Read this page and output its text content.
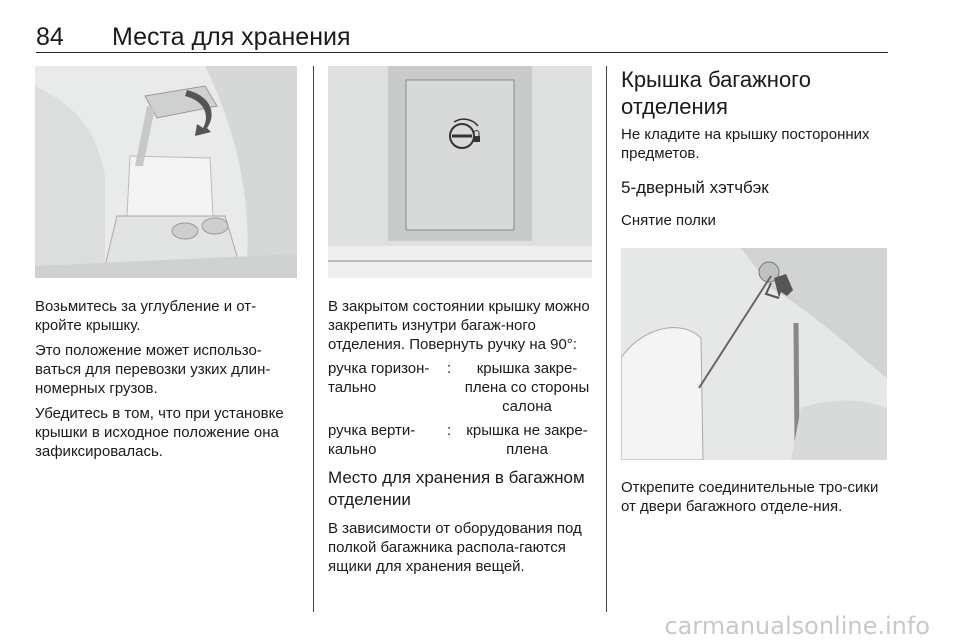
84 Места для хранения

Возьмитесь за углубление и от-кройте крышку.

Это положение может использо-ваться для перевозки узких длин-номерных грузов.

Убедитесь в том, что при установке крышки в исходное положение она зафиксировалась.

В закрытом состоянии крышку можно закрепить изнутри багаж-ного отделения. Повернуть ручку на 90°:

ручка горизон-тально
:	крышка закре-плена со стороны салона
ручка верти-кально
:	крышка не закре-плена
Место для хранения в багажном отделении

В зависимости от оборудования под полкой багажника распола-гаются ящики для хранения вещей.

Крышка багажного отделения

Не кладите на крышку посторонних предметов.

5-дверный хэтчбэк
Снятие полки

Открепите соединительные тро-сики от двери багажного отделе-ния.

carmanualsonline.info
